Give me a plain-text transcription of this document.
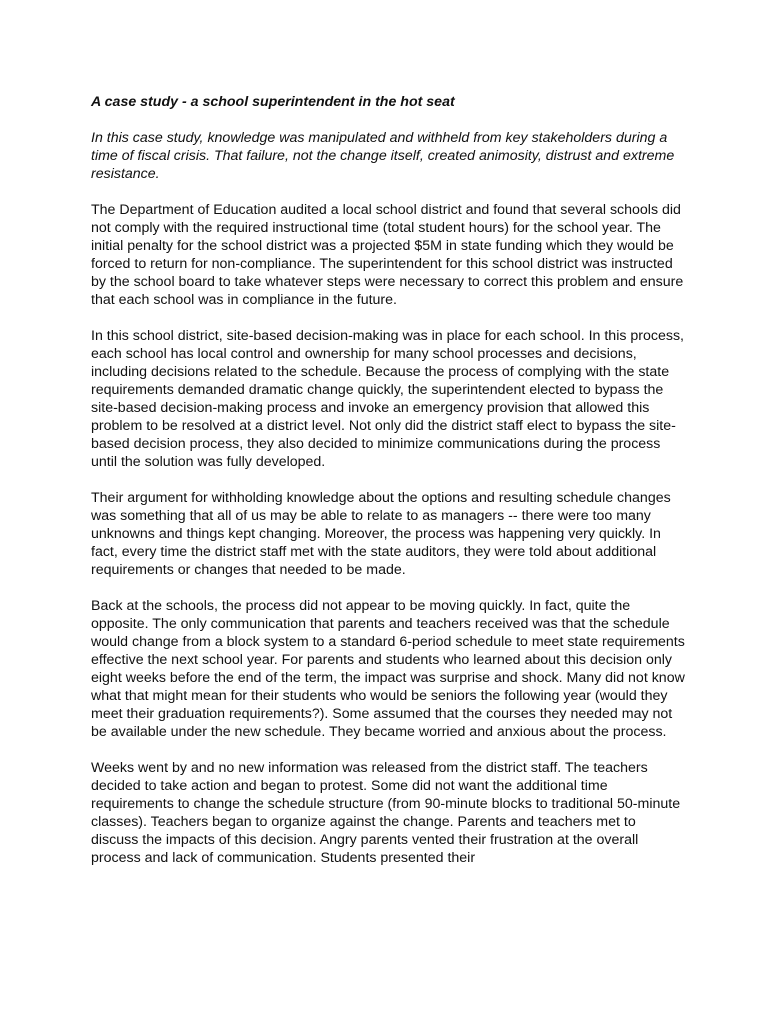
A case study - a school superintendent in the hot seat

In this case study, knowledge was manipulated and withheld from key stakeholders during a time of fiscal crisis. That failure, not the change itself, created animosity, distrust and extreme resistance.

The Department of Education audited a local school district and found that several schools did not comply with the required instructional time (total student hours) for the school year. The initial penalty for the school district was a projected $5M in state funding which they would be forced to return for non-compliance. The superintendent for this school district was instructed by the school board to take whatever steps were necessary to correct this problem and ensure that each school was in compliance in the future.

In this school district, site-based decision-making was in place for each school. In this process, each school has local control and ownership for many school processes and decisions, including decisions related to the schedule. Because the process of complying with the state requirements demanded dramatic change quickly, the superintendent elected to bypass the site-based decision-making process and invoke an emergency provision that allowed this problem to be resolved at a district level. Not only did the district staff elect to bypass the site-based decision process, they also decided to minimize communications during the process until the solution was fully developed.

Their argument for withholding knowledge about the options and resulting schedule changes was something that all of us may be able to relate to as managers -- there were too many unknowns and things kept changing. Moreover, the process was happening very quickly. In fact, every time the district staff met with the state auditors, they were told about additional requirements or changes that needed to be made.

Back at the schools, the process did not appear to be moving quickly. In fact, quite the opposite. The only communication that parents and teachers received was that the schedule would change from a block system to a standard 6-period schedule to meet state requirements effective the next school year. For parents and students who learned about this decision only eight weeks before the end of the term, the impact was surprise and shock. Many did not know what that might mean for their students who would be seniors the following year (would they meet their graduation requirements?). Some assumed that the courses they needed may not be available under the new schedule. They became worried and anxious about the process.

Weeks went by and no new information was released from the district staff. The teachers decided to take action and began to protest. Some did not want the additional time requirements to change the schedule structure (from 90-minute blocks to traditional 50-minute classes). Teachers began to organize against the change. Parents and teachers met to discuss the impacts of this decision. Angry parents vented their frustration at the overall process and lack of communication. Students presented their
